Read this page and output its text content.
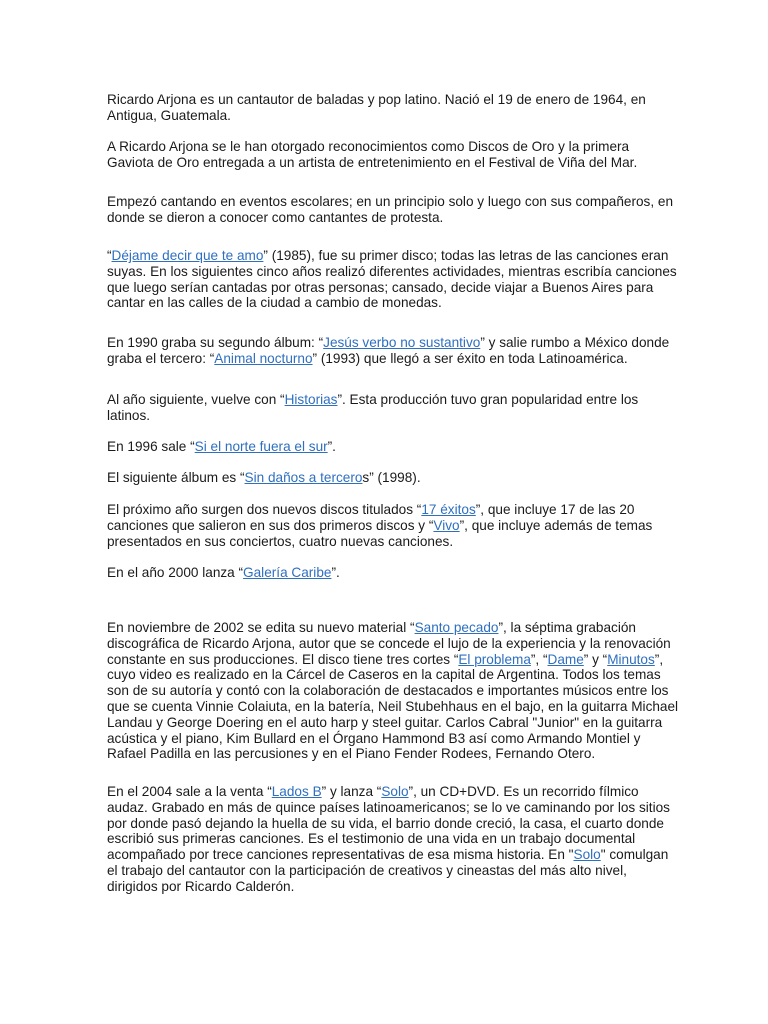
Ricardo Arjona es un cantautor de baladas y pop latino. Nació el 19 de enero de 1964, en
Antigua, Guatemala.

A Ricardo Arjona se le han otorgado reconocimientos como Discos de Oro y la primera
Gaviota de Oro entregada a un artista de entretenimiento en el Festival de Viña del Mar.

Empezó cantando en eventos escolares; en un principio solo y luego con sus compañeros, en
donde se dieron a conocer como cantantes de protesta.

“Déjame decir que te amo” (1985), fue su primer disco; todas las letras de las canciones eran
suyas. En los siguientes cinco años realizó diferentes actividades, mientras escribía canciones
que luego serían cantadas por otras personas; cansado, decide viajar a Buenos Aires para
cantar en las calles de la ciudad a cambio de monedas.

En 1990 graba su segundo álbum: “Jesús verbo no sustantivo” y salie rumbo a México donde
graba el tercero: “Animal nocturno” (1993) que llegó a ser éxito en toda Latinoamérica.

Al año siguiente, vuelve con “Historias”. Esta producción tuvo gran popularidad entre los
latinos.

En 1996 sale “Si el norte fuera el sur”.

El siguiente álbum es “Sin daños a terceros” (1998).

El próximo año surgen dos nuevos discos titulados “17 éxitos”, que incluye 17 de las 20
canciones que salieron en sus dos primeros discos y “Vivo”, que incluye además de temas
presentados en sus conciertos, cuatro nuevas canciones.

En el año 2000 lanza “Galería Caribe”.

En noviembre de 2002 se edita su nuevo material “Santo pecado”, la séptima grabación
discográfica de Ricardo Arjona, autor que se concede el lujo de la experiencia y la renovación
constante en sus producciones. El disco tiene tres cortes “El problema”, “Dame” y “Minutos”,
cuyo video es realizado en la Cárcel de Caseros en la capital de Argentina. Todos los temas
son de su autoría y contó con la colaboración de destacados e importantes músicos entre los
que se cuenta Vinnie Colaiuta, en la batería, Neil Stubehhaus en el bajo, en la guitarra Michael
Landau y George Doering en el auto harp y steel guitar. Carlos Cabral "Junior" en la guitarra
acústica y el piano, Kim Bullard en el Órgano Hammond B3 así como Armando Montiel y
Rafael Padilla en las percusiones y en el Piano Fender Rodees, Fernando Otero.

En el 2004 sale a la venta “Lados B” y lanza “Solo”, un CD+DVD. Es un recorrido fílmico
audaz. Grabado en más de quince países latinoamericanos; se lo ve caminando por los sitios
por donde pasó dejando la huella de su vida, el barrio donde creció, la casa, el cuarto donde
escribió sus primeras canciones. Es el testimonio de una vida en un trabajo documental
acompañado por trece canciones representativas de esa misma historia. En "Solo" comulgan
el trabajo del cantautor con la participación de creativos y cineastas del más alto nivel,
dirigidos por Ricardo Calderón.
